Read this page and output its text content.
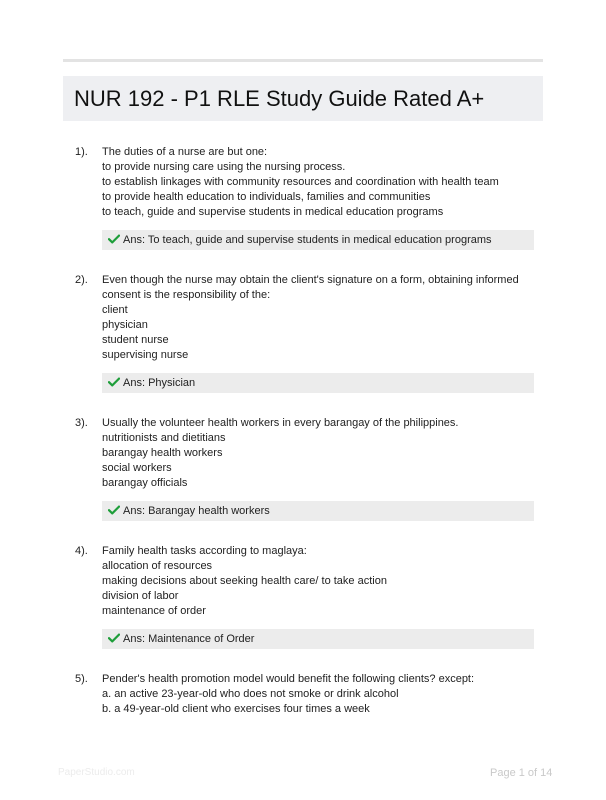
NUR 192 - P1 RLE Study Guide Rated A+
1). The duties of a nurse are but one:
to provide nursing care using the nursing process.
to establish linkages with community resources and coordination with health team
to provide health education to individuals, families and communities
to teach, guide and supervise students in medical education programs
Ans: To teach, guide and supervise students in medical education programs
2). Even though the nurse may obtain the client's signature on a form, obtaining informed
consent is the responsibility of the:
client
physician
student nurse
supervising nurse
Ans: Physician
3). Usually the volunteer health workers in every barangay of the philippines.
nutritionists and dietitians
barangay health workers
social workers
barangay officials
Ans: Barangay health workers
4). Family health tasks according to maglaya:
allocation of resources
making decisions about seeking health care/ to take action
division of labor
maintenance of order
Ans: Maintenance of Order
5). Pender's health promotion model would benefit the following clients? except:
a. an active 23-year-old who does not smoke or drink alcohol
b. a 49-year-old client who exercises four times a week
PaperStudio.com	Page 1 of 14
